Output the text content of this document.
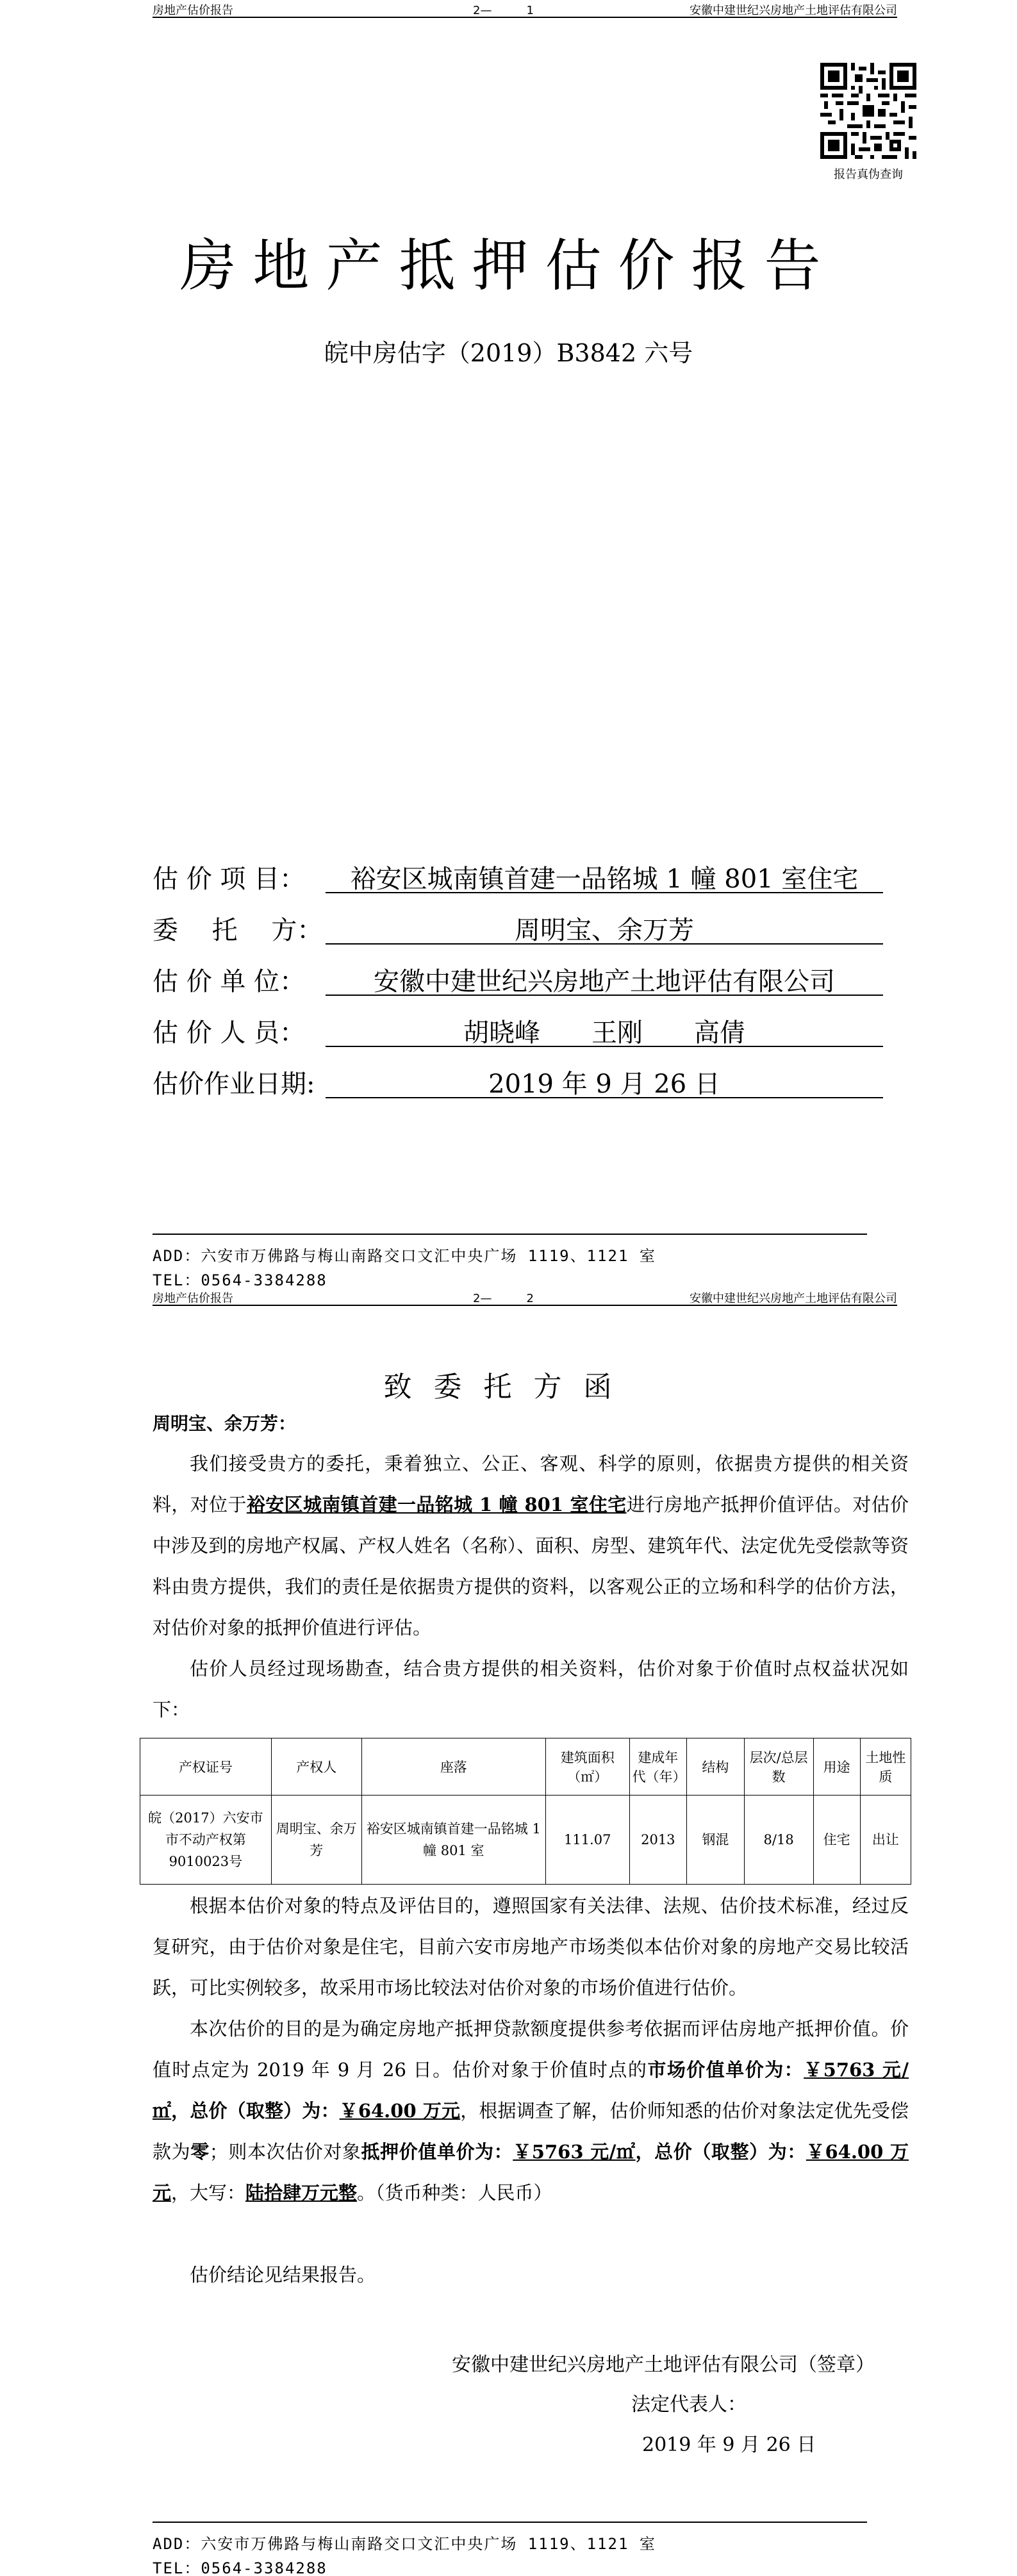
房地产估价报告	2—　　　1	安徽中建世纪兴房地产土地评估有限公司
报告真伪查询
房地产抵押估价报告
皖中房估字（2019）B3842 六号
估 价 项 目：	裕安区城南镇首建一品铭城 1 幢 801 室住宅
委　 托　 方：	周明宝、余万芳
估 价 单 位：	安徽中建世纪兴房地产土地评估有限公司
估 价 人 员：	胡晓峰　　王刚　　高倩
估价作业日期:	2019 年 9 月 26 日
ADD：六安市万佛路与梅山南路交口文汇中央广场 1119、1121 室
TEL：0564-3384288
房地产估价报告	2—　　　2	安徽中建世纪兴房地产土地评估有限公司
致委托方函
周明宝、余万芳：
我们接受贵方的委托，秉着独立、公正、客观、科学的原则，依据贵方提供的相关资料，对位于裕安区城南镇首建一品铭城 1 幢 801 室住宅进行房地产抵押价值评估。对估价中涉及到的房地产权属、产权人姓名（名称）、面积、房型、建筑年代、法定优先受偿款等资料由贵方提供，我们的责任是依据贵方提供的资料，以客观公正的立场和科学的估价方法，对估价对象的抵押价值进行评估。
估价人员经过现场勘查，结合贵方提供的相关资料，估价对象于价值时点权益状况如下：
产权证号	产权人	座落	建筑面积（㎡）	建成年代（年）	结构	层次/总层数	用途	土地性质
皖（2017）六安市市不动产权第9010023号	周明宝、余万芳	裕安区城南镇首建一品铭城 1 幢 801 室	111.07	2013	钢混	8/18	住宅	出让
根据本估价对象的特点及评估目的，遵照国家有关法律、法规、估价技术标准，经过反复研究，由于估价对象是住宅，目前六安市房地产市场类似本估价对象的房地产交易比较活跃，可比实例较多，故采用市场比较法对估价对象的市场价值进行估价。
本次估价的目的是为确定房地产抵押贷款额度提供参考依据而评估房地产抵押价值。价值时点定为 2019 年 9 月 26 日。估价对象于价值时点的市场价值单价为：￥5763 元/㎡，总价（取整）为：￥64.00 万元，根据调查了解，估价师知悉的估价对象法定优先受偿款为零；则本次估价对象抵押价值单价为：￥5763 元/㎡，总价（取整）为：￥64.00 万元，大写：陆拾肆万元整。（货币种类：人民币）
估价结论见结果报告。
安徽中建世纪兴房地产土地评估有限公司（签章）
法定代表人：
2019 年 9 月 26 日
ADD：六安市万佛路与梅山南路交口文汇中央广场 1119、1121 室
TEL：0564-3384288
